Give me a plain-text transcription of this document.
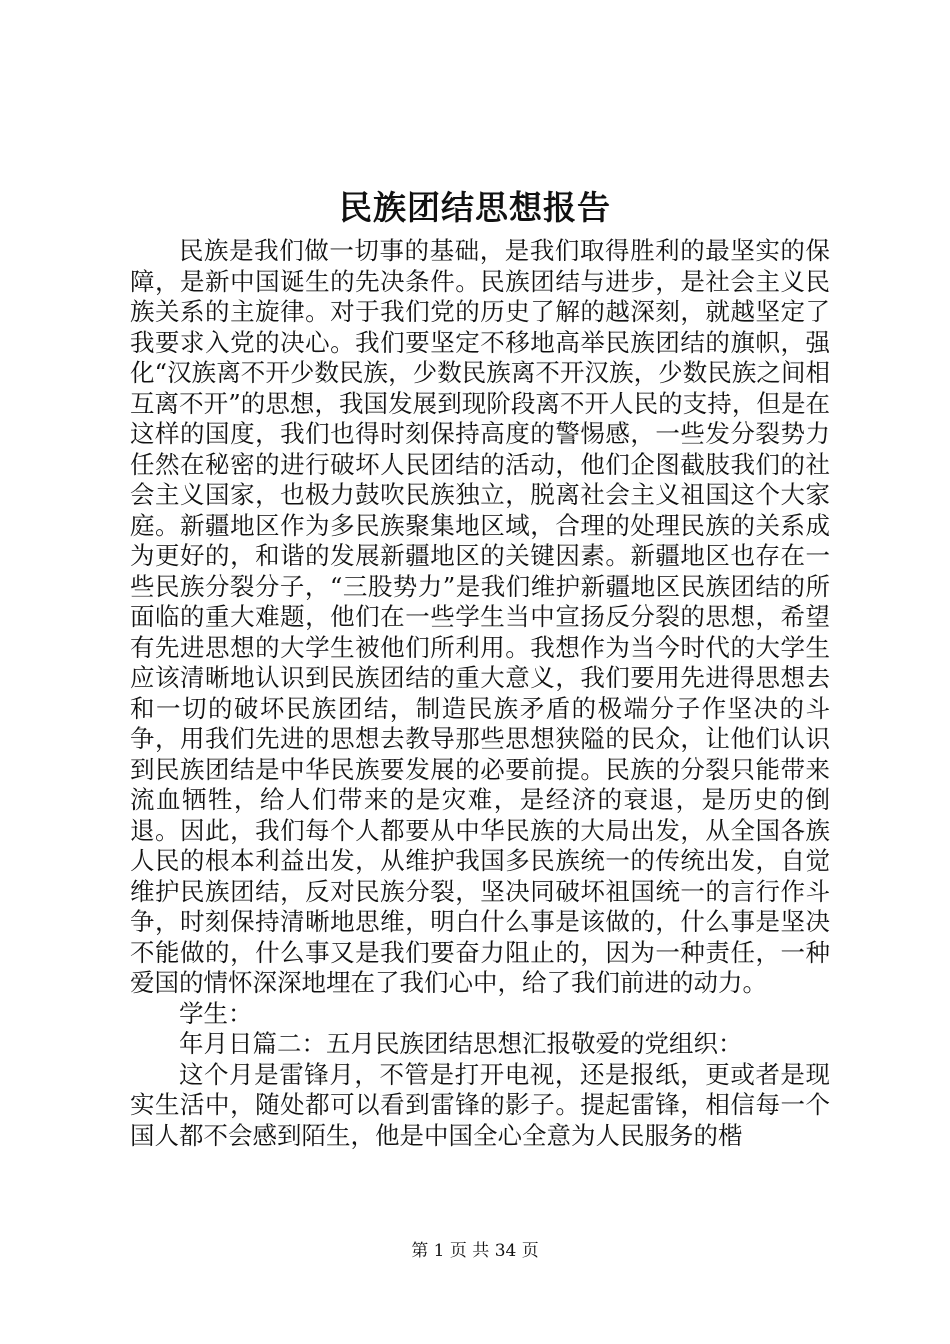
民族团结思想报告

民族是我们做一切事的基础，是我们取得胜利的最坚实的保障，是新中国诞生的先决条件。民族团结与进步，是社会主义民族关系的主旋律。对于我们党的历史了解的越深刻，就越坚定了我要求入党的决心。我们要坚定不移地高举民族团结的旗帜，强化“汉族离不开少数民族，少数民族离不开汉族，少数民族之间相互离不开”的思想，我国发展到现阶段离不开人民的支持，但是在这样的国度，我们也得时刻保持高度的警惕感，一些发分裂势力任然在秘密的进行破坏人民团结的活动，他们企图截肢我们的社会主义国家，也极力鼓吹民族独立，脱离社会主义祖国这个大家庭。新疆地区作为多民族聚集地区域，合理的处理民族的关系成为更好的，和谐的发展新疆地区的关键因素。新疆地区也存在一些民族分裂分子，“三股势力”是我们维护新疆地区民族团结的所面临的重大难题，他们在一些学生当中宣扬反分裂的思想，希望有先进思想的大学生被他们所利用。我想作为当今时代的大学生应该清晰地认识到民族团结的重大意义，我们要用先进得思想去和一切的破坏民族团结，制造民族矛盾的极端分子作坚决的斗争，用我们先进的思想去教导那些思想狭隘的民众，让他们认识到民族团结是中华民族要发展的必要前提。民族的分裂只能带来流血牺牲，给人们带来的是灾难，是经济的衰退，是历史的倒退。因此，我们每个人都要从中华民族的大局出发，从全国各族人民的根本利益出发，从维护我国多民族统一的传统出发，自觉维护民族团结，反对民族分裂，坚决同破坏祖国统一的言行作斗争，时刻保持清晰地思维，明白什么事是该做的，什么事是坚决不能做的，什么事又是我们要奋力阻止的，因为一种责任，一种爱国的情怀深深地埋在了我们心中，给了我们前进的动力。

学生：

年月日篇二：五月民族团结思想汇报敬爱的党组织：

这个月是雷锋月，不管是打开电视，还是报纸，更或者是现实生活中，随处都可以看到雷锋的影子。提起雷锋，相信每一个国人都不会感到陌生，他是中国全心全意为人民服务的楷

第 1 页 共 34 页
